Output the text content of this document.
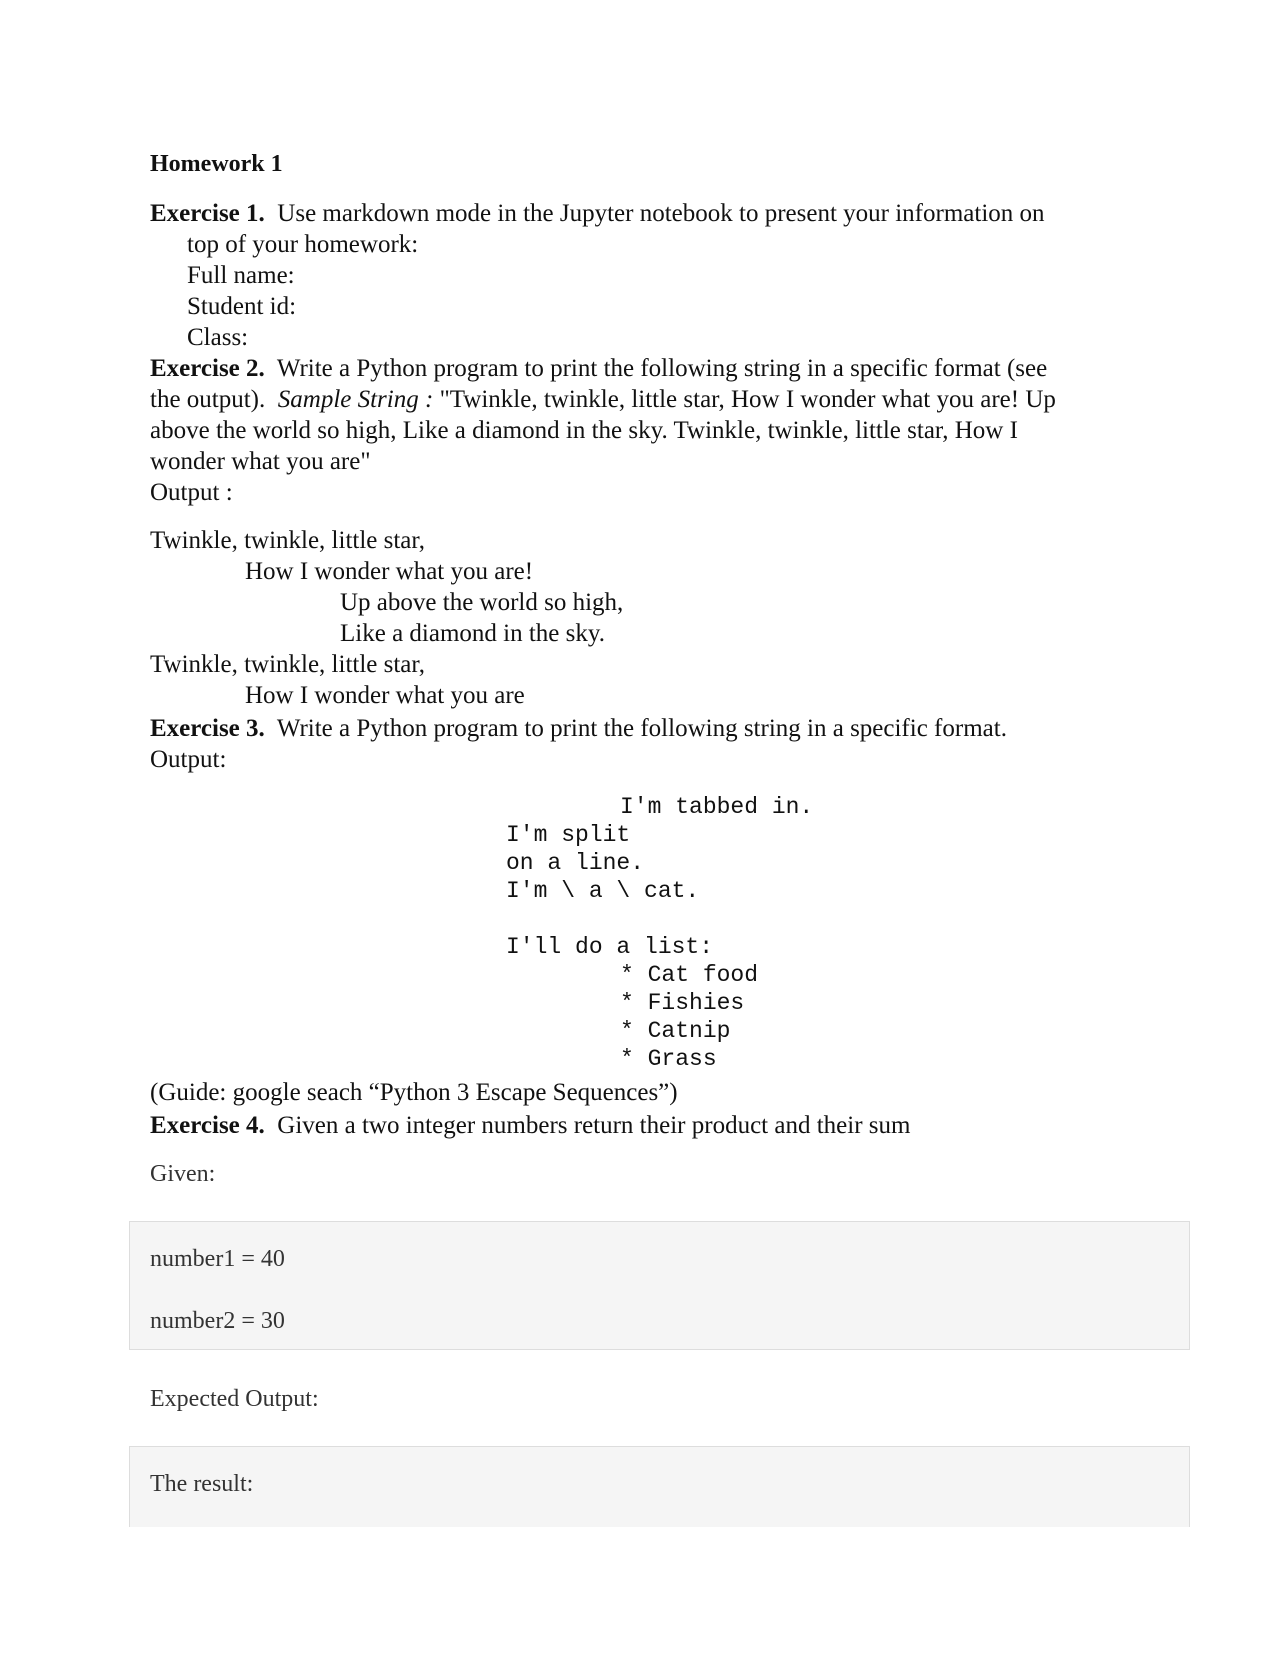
Homework 1
Exercise 1. Use markdown mode in the Jupyter notebook to present your information on
top of your homework:
Full name:
Student id:
Class:
Exercise 2. Write a Python program to print the following string in a specific format (see
the output). Sample String : "Twinkle, twinkle, little star, How I wonder what you are! Up
above the world so high, Like a diamond in the sky. Twinkle, twinkle, little star, How I
wonder what you are"
Output :
Twinkle, twinkle, little star,
How I wonder what you are!
Up above the world so high,
Like a diamond in the sky.
Twinkle, twinkle, little star,
How I wonder what you are
Exercise 3. Write a Python program to print the following string in a specific format.
Output:
I'm tabbed in.
I'm split
on a line.
I'm \ a \ cat.
I'll do a list:
* Cat food
* Fishies
* Catnip
* Grass
(Guide: google seach “Python 3 Escape Sequences”)
Exercise 4. Given a two integer numbers return their product and their sum
Given:
number1 = 40
number2 = 30
Expected Output:
The result:
